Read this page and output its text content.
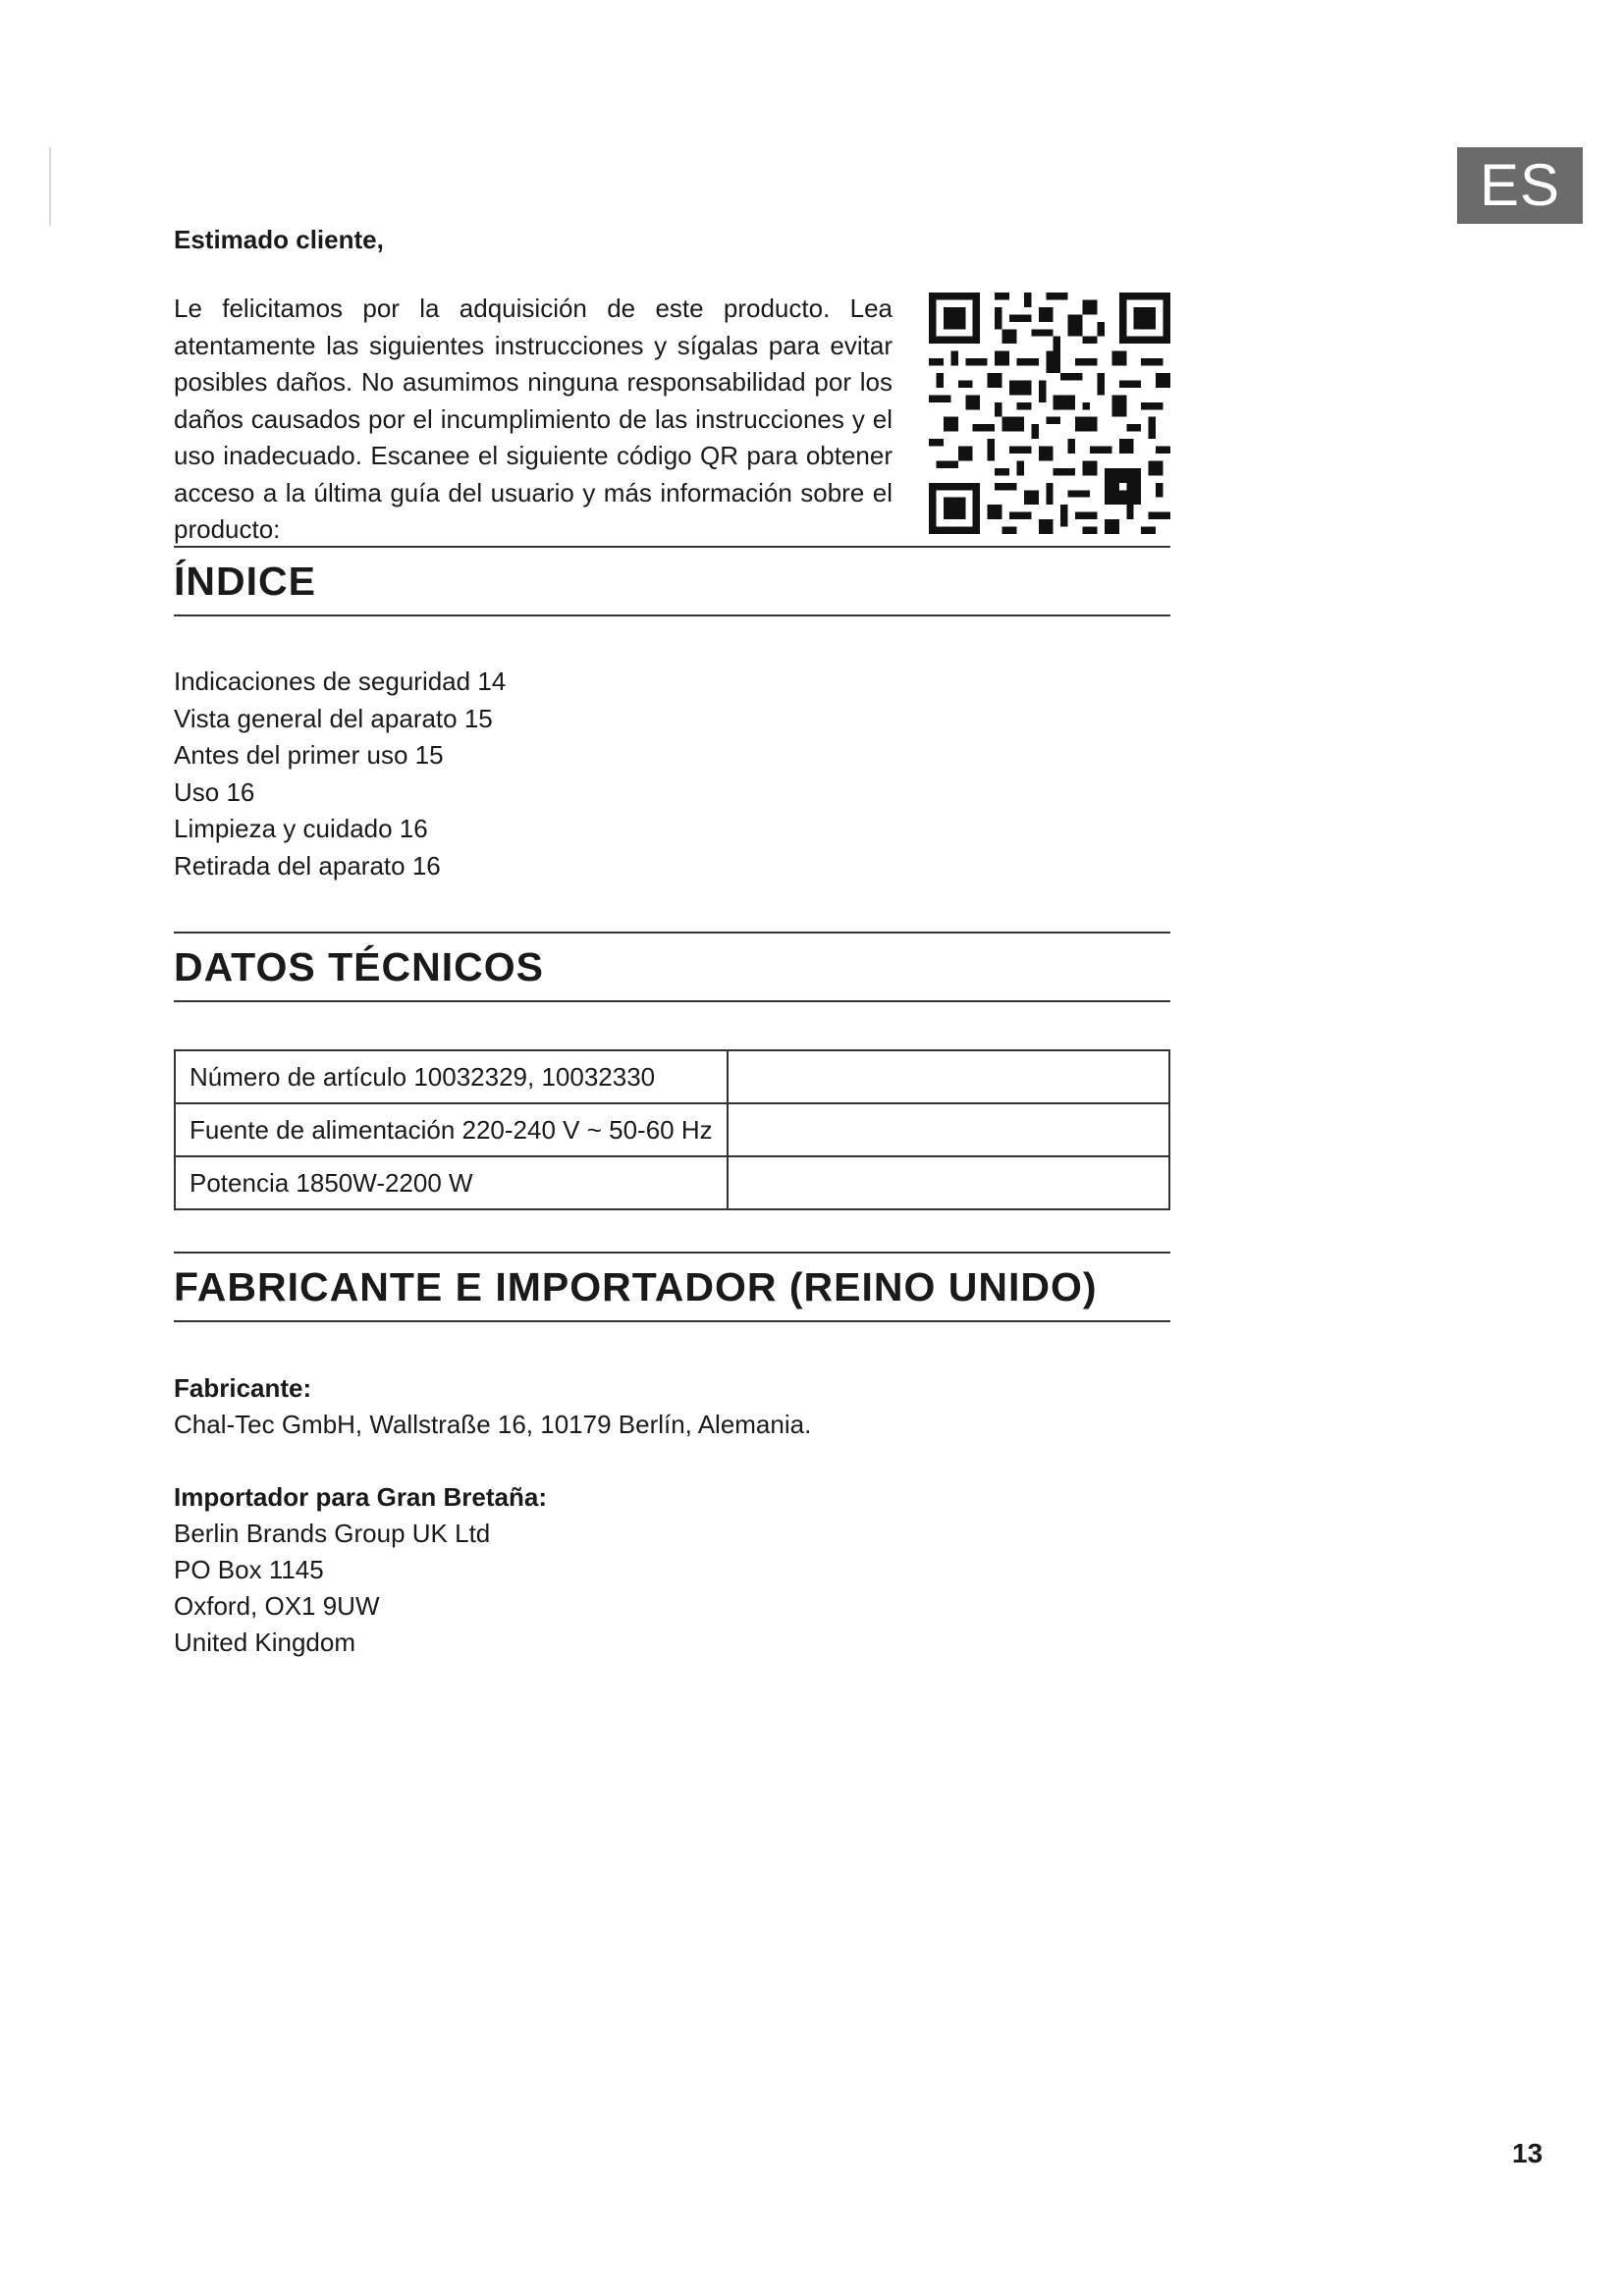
ES

Estimado cliente,

Le felicitamos por la adquisición de este producto. Lea atentamente las siguientes instrucciones y sígalas para evitar posibles daños. No asumimos ninguna responsabilidad por los daños causados por el incumplimiento de las instrucciones y el uso inadecuado. Escanee el siguiente código QR para obtener acceso a la última guía del usuario y más información sobre el producto:

ÍNDICE
Indicaciones de seguridad 14
Vista general del aparato 15
Antes del primer uso 15
Uso 16
Limpieza y cuidado 16
Retirada del aparato 16
DATOS TÉCNICOS
Número de artículo 10032329, 10032330	
Fuente de alimentación 220-240 V ~ 50-60 Hz	
Potencia 1850W-2200 W	
FABRICANTE E IMPORTADOR (REINO UNIDO)

Fabricante:

Chal-Tec GmbH, Wallstraße 16, 10179 Berlín, Alemania.

Importador para Gran Bretaña:

Berlin Brands Group UK Ltd

PO Box 1145

Oxford, OX1 9UW

United Kingdom

13
